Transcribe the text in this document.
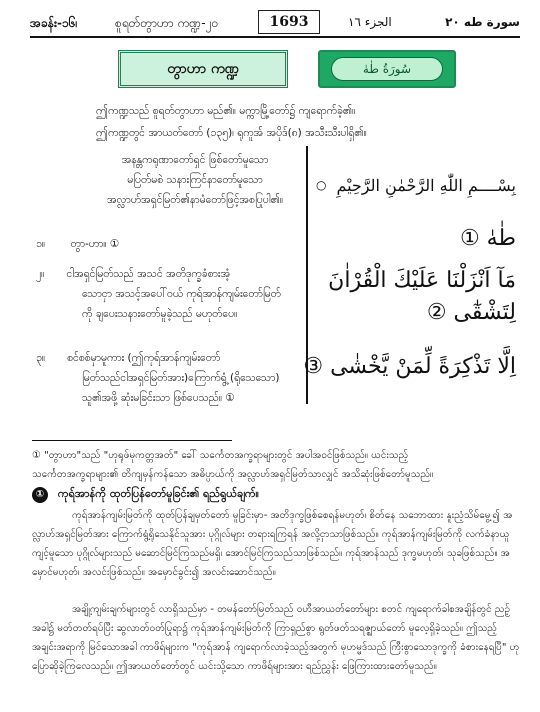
အခန်း-၁၆၊	စူရတ်တွာဟာ ကဏ္ဍ-၂၀	1693	الجزء ١٦	سورة طه ٢٠
တွာဟာ ကဏ္ဍ	سُورَةُ طٰهٰ
ဤကဏ္ဍသည် စူရတ်တွာဟာ မည်၏။ မက္ကာမြို့တော်၌ ကျရောက်ခဲ့၏။
ဤကဏ္ဍတွင် အာယတ်တော် (၁၃၅)၊ ရုကူအ် အပိုဒ်(၈) အသီးသီးပါရှိ၏။
အနန္တကရုဏာတော်ရှင် ဖြစ်တော်မူသော
မပြတ်မစဲ သနားကြင်နာတော်မူသော
အလ္လာဟ်အရှင်မြတ်၏နာမံတော်ဖြင့်အစပြုပါ၏။
بِسْــــمِ اللّٰهِ الرَّحْمٰنِ الرَّحِيْمِ
○
၁။ တွာ-ဟာ။ ①	طٰهٰ ①
၂။ ငါအရှင်မြတ်သည် အသင် အတိဒုက္ခခံစားအံ့
သောငှာ အသင့်အပေါ်ဝယ် ကုရ်အာန်ကျမ်းတော်မြတ်
ကို ချပေးသနားတော်မူခဲ့သည် မဟုတ်ပေ။
مَآ اَنْزَلْنَا عَلَيْكَ الْقُرْاٰنَ
لِتَشْقٰٓى ②
၃။ စင်စစ်မှာမူကား (ဤကုရ်အာန်ကျမ်းတော်
မြတ်သည်ငါအရှင်မြတ်အား)ကြောက်ရွံ့ (ရိုသေသော)
သူ၏အဖို့ ဆုံးမခြင်းသာ ဖြစ်ပေသည်။ ①
اِلَّا تَذْكِرَةً لِّمَنْ يَّخْشٰى ③
① "တွာဟာ"သည် "ဟုရုဖ်မုကတ္တအတ်" ခေါ် သင်္ကေတအက္ခရာများတွင် အပါအဝင်ဖြစ်သည်။ ယင်းသည့်
သင်္ကေတအက္ခရာများ၏ တိကျမှန်ကန်သော အဓိပ္ပာယ်ကို အလ္လာဟ်အရှင်မြတ်သာလျှင် အသိဆုံးဖြစ်တော်မူသည်။
① ကုရ်အာန်ကို ထုတ်ပြန်တော်မူခြင်း၏ ရည်ရွယ်ချက်။
ကုရ်အာန်ကျမ်းမြတ်ကို ထုတ်ပြန်ချမှတ်တော် မူခြင်းမှာ- အတိဒုက္ခဖြစ်စေရန်မဟုတ်၊ စိတ်နေ သဘောထား နူးညံ့သိမ်မွေ့၍ အလ္လာဟ်အရှင်မြတ်အား ကြောက်ရွံ့ရိုသေနိုင်သူအား ပုဂ္ဂိုလ်များ တရားရကြရန် အလို့ငှာသာဖြစ်သည်။ ကုရ်အာန်ကျမ်းမြတ်ကို လက်ခံနာယူကျင့်မူသော ပုဂ္ဂိုလ်များသည် မဆောင်မြင်ကြသည်မရှိ၊ အောင်မြင်ကြသည်သာဖြစ်သည်။ ကုရ်အာန်သည် ဒုက္ခမဟုတ်၊ သုခဖြစ်သည်။ အမှောင်မဟုတ်၊ အလင်းဖြစ်သည်။ အမှောင်ခွင်း၍ အလင်းဆောင်သည်။
အချို့ကျမ်းချက်များတွင် လာရှိသည်မှာ - တမန်တော်မြတ်သည် ဝဟီအာယတ်တော်များ စတင် ကျရောက်ခါစအချိန်တွင် ညဉ့်အခါ၌ မတ်တတ်ရပ်ပြီး ဆွလာတ်ဝတ်ပြုရာ၌ ကုရ်အာန်ကျမ်းမြတ်ကို ကြာရှည်စွာ ရွတ်ဖတ်သရဇ္ဈာယ်တော် မူလေ့ရှိခဲ့သည်။ ဤသည့်အချင်းအရာကို မြင်သောအခါ ကာဖိရ်များက "ကုရ်အာန် ကျရောက်လာခဲ့သည့်အတွက် မုဟမ္မဒ်သည် ကြီးစွာသောဒုက္ခကို ခံစားနေရပြီ" ဟု ပြောဆိုခဲ့ကြလေသည်။ ဤအာယတ်တော်တွင် ယင်းသို့သော ကာဖိရ်များအား ရည်ညွှန်း ဖြေကြားထားတော်မူသည်။
